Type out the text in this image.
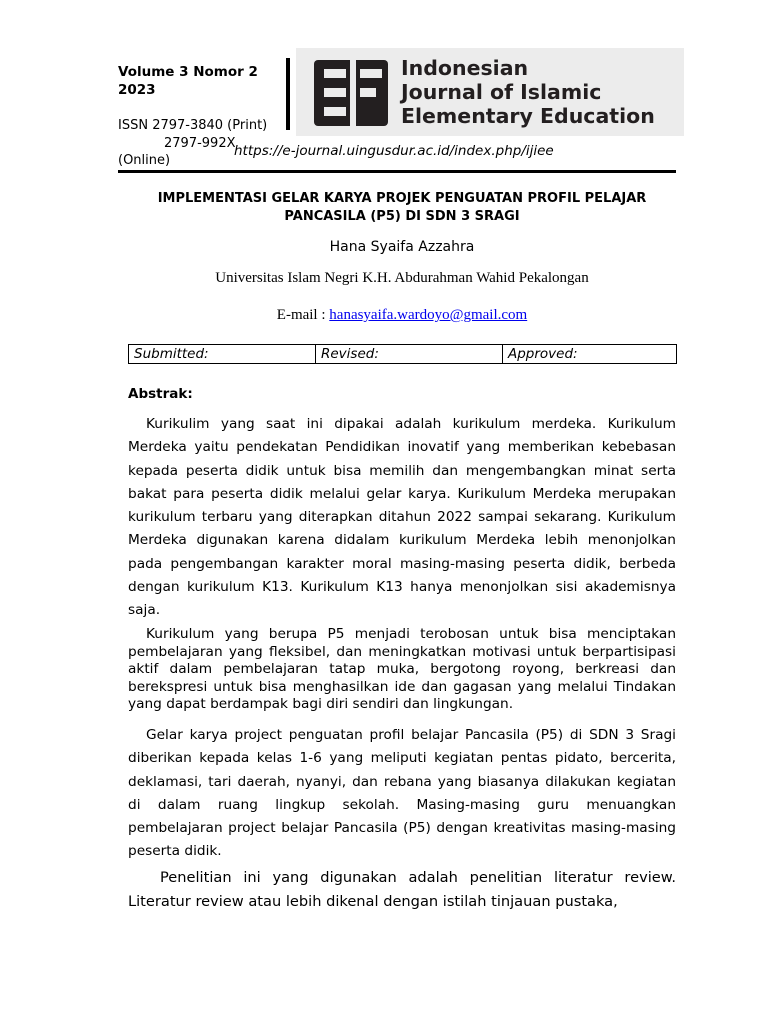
Volume 3 Nomor 2 2023
ISSN 2797-3840 (Print)
2797-992X
(Online)
https://e-journal.uingusdur.ac.id/index.php/ijiee
Indonesian
Journal of Islamic
Elementary Education
IMPLEMENTASI GELAR KARYA PROJEK PENGUATAN PROFIL PELAJAR PANCASILA (P5) DI SDN 3 SRAGI
Hana Syaifa Azzahra
Universitas Islam Negri K.H. Abdurahman Wahid Pekalongan
E-mail : hanasyaifa.wardoyo@gmail.com
Submitted:	Revised:	Approved:
Abstrak:

Kurikulim yang saat ini dipakai adalah kurikulum merdeka. Kurikulum Merdeka yaitu pendekatan Pendidikan inovatif yang memberikan kebebasan kepada peserta didik untuk bisa memilih dan mengembangkan minat serta bakat para peserta didik melalui gelar karya. Kurikulum Merdeka merupakan kurikulum terbaru yang diterapkan ditahun 2022 sampai sekarang. Kurikulum Merdeka digunakan karena didalam kurikulum Merdeka lebih menonjolkan pada pengembangan karakter moral masing-masing peserta didik, berbeda dengan kurikulum K13. Kurikulum K13 hanya menonjolkan sisi akademisnya saja.

Kurikulum yang berupa P5 menjadi terobosan untuk bisa menciptakan pembelajaran yang fleksibel, dan meningkatkan motivasi untuk berpartisipasi aktif dalam pembelajaran tatap muka, bergotong royong, berkreasi dan berekspresi untuk bisa menghasilkan ide dan gagasan yang melalui Tindakan yang dapat berdampak bagi diri sendiri dan lingkungan.

Gelar karya project penguatan profil belajar Pancasila (P5) di SDN 3 Sragi diberikan kepada kelas 1-6 yang meliputi kegiatan pentas pidato, bercerita, deklamasi, tari daerah, nyanyi, dan rebana yang biasanya dilakukan kegiatan di dalam ruang lingkup sekolah. Masing-masing guru menuangkan pembelajaran project belajar Pancasila (P5) dengan kreativitas masing-masing peserta didik.

Penelitian ini yang digunakan adalah penelitian literatur review. Literatur review atau lebih dikenal dengan istilah tinjauan pustaka,
